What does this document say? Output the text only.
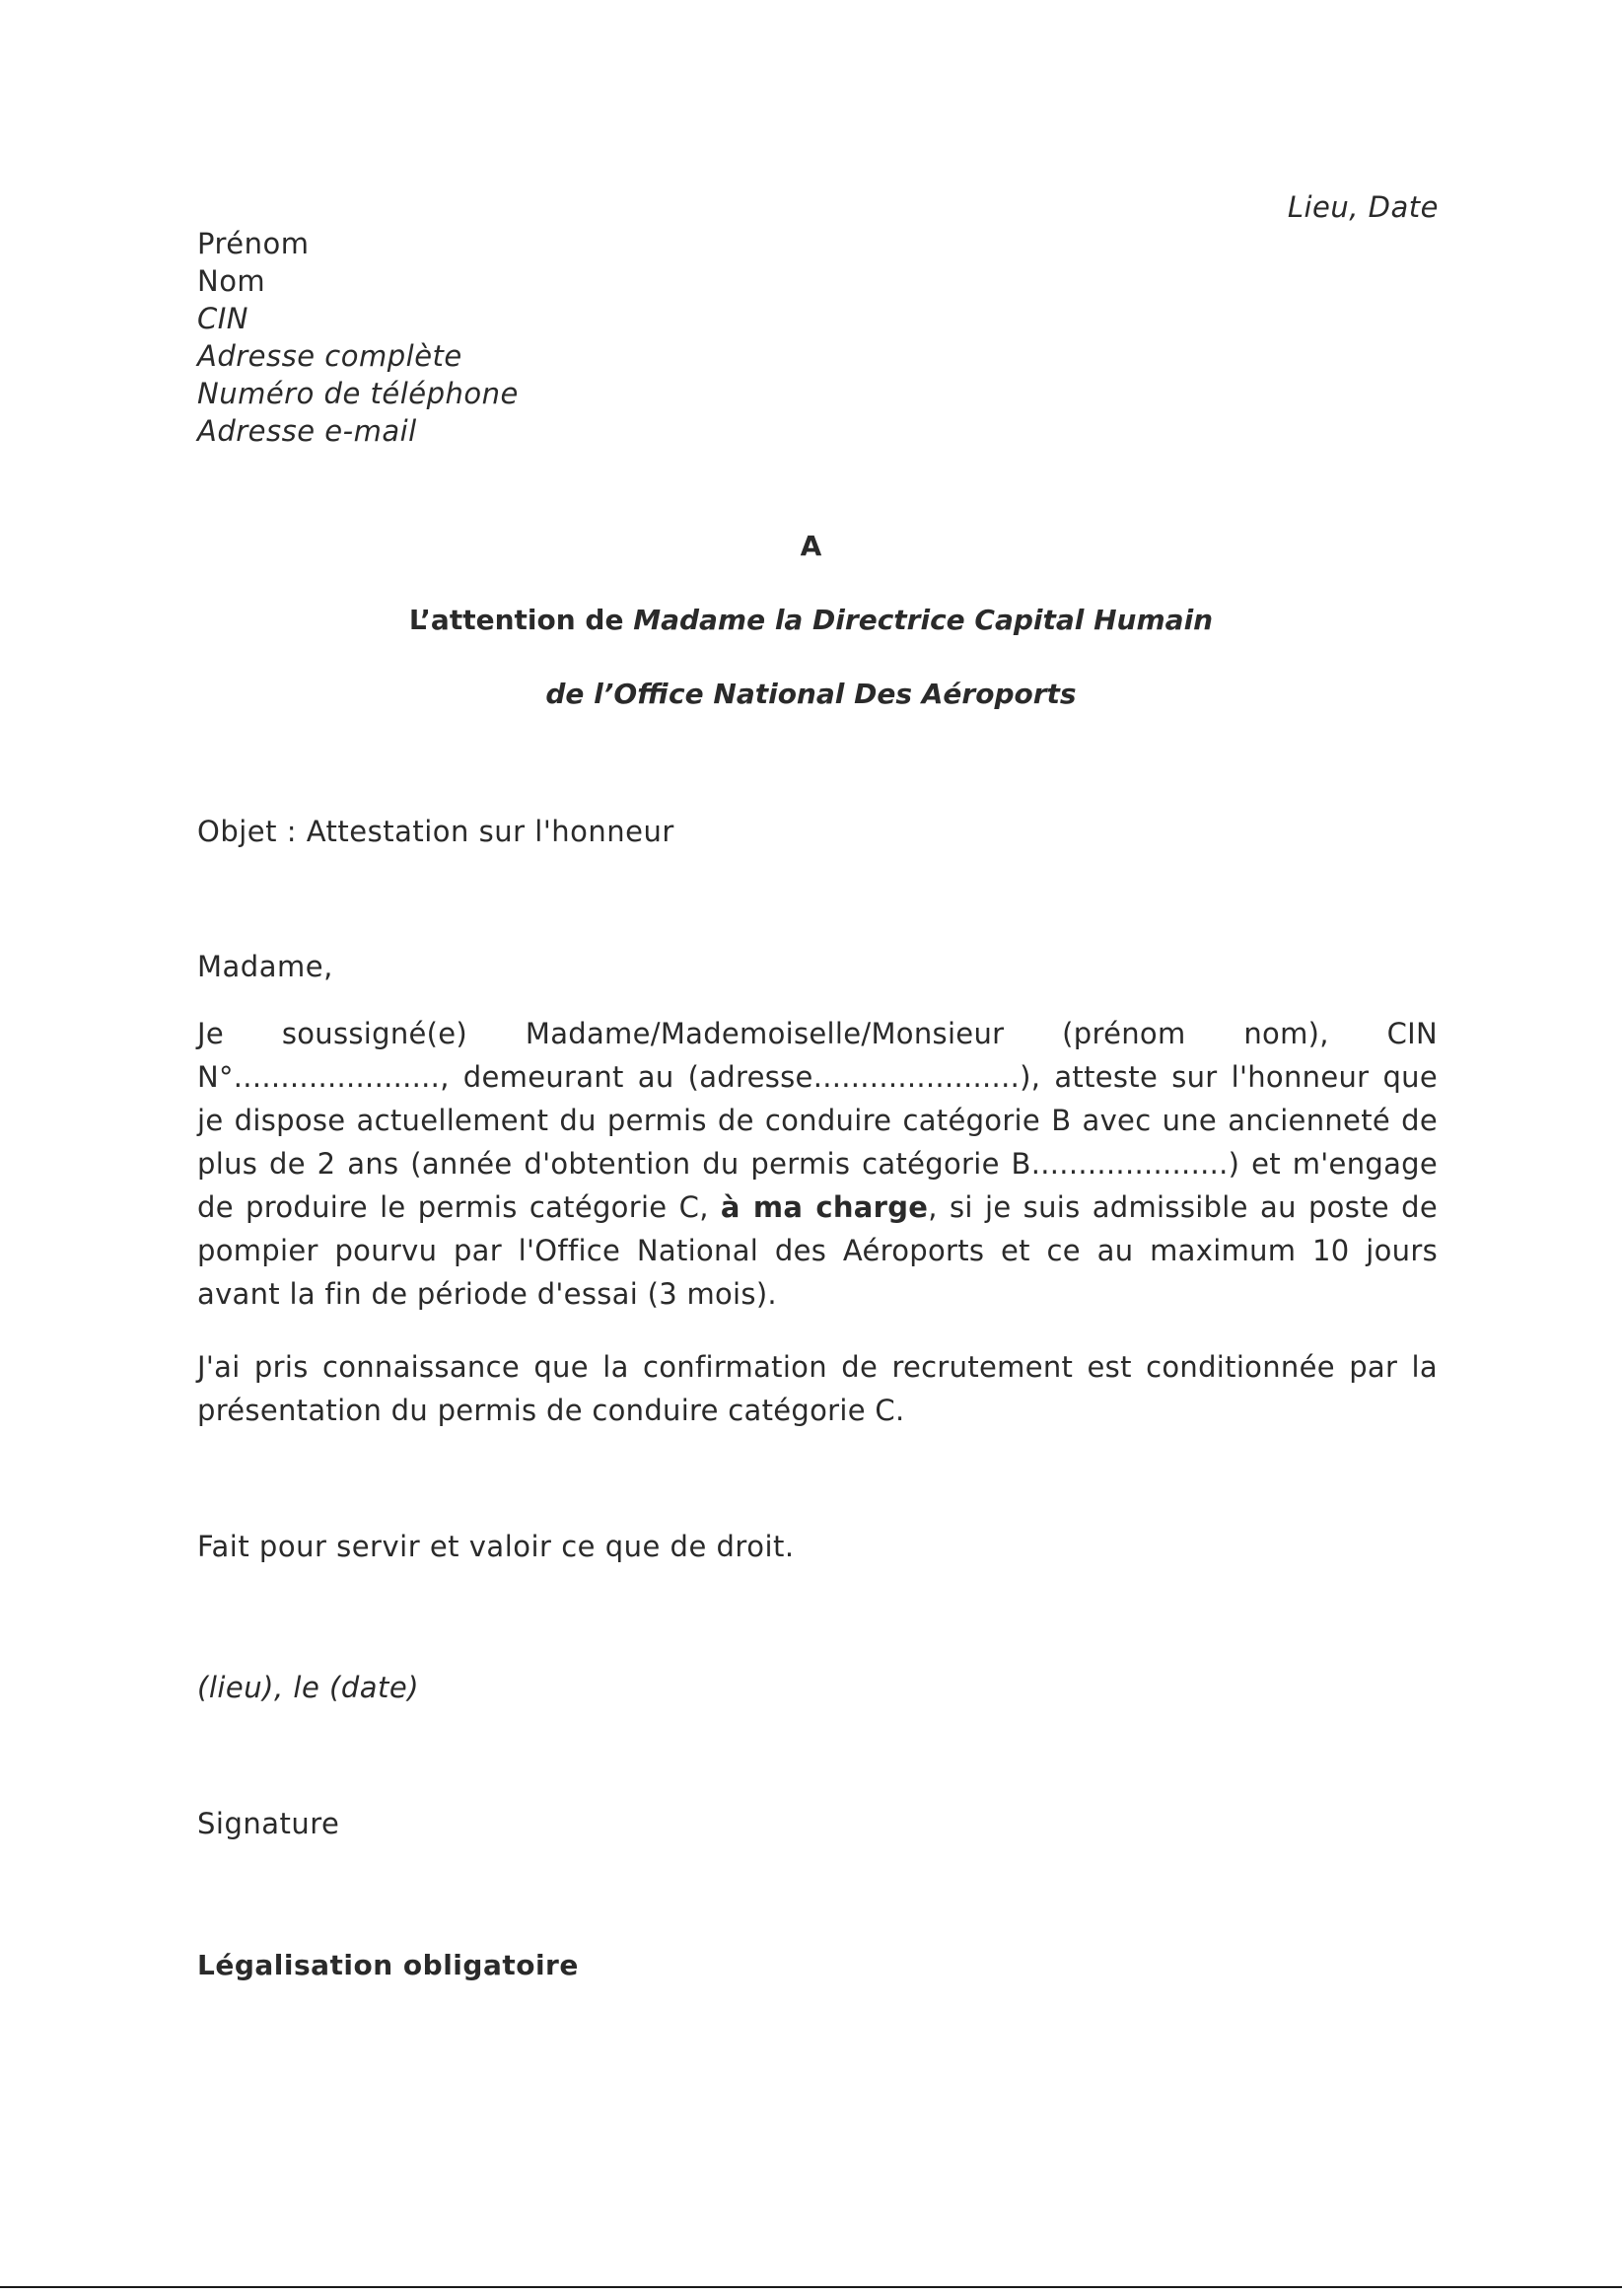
Lieu, Date
Prénom
Nom
CIN
Adresse complète
Numéro de téléphone
Adresse e-mail
A
L’attention de Madame la Directrice Capital Humain
de l’Office National Des Aéroports
Objet : Attestation sur l'honneur
Madame,
Je soussigné(e) Madame/Mademoiselle/Monsieur (prénom nom), CIN N°......................, demeurant au (adresse......................), atteste sur l'honneur que je dispose actuellement du permis de conduire catégorie B avec une ancienneté de plus de 2 ans (année d'obtention du permis catégorie B.....................) et m'engage de produire le permis catégorie C, à ma charge, si je suis admissible au poste de pompier pourvu par l'Office National des Aéroports et ce au maximum 10 jours avant la fin de période d'essai (3 mois).
J'ai pris connaissance que la confirmation de recrutement est conditionnée par la présentation du permis de conduire catégorie C.
Fait pour servir et valoir ce que de droit.
(lieu), le (date)
Signature
Légalisation obligatoire
